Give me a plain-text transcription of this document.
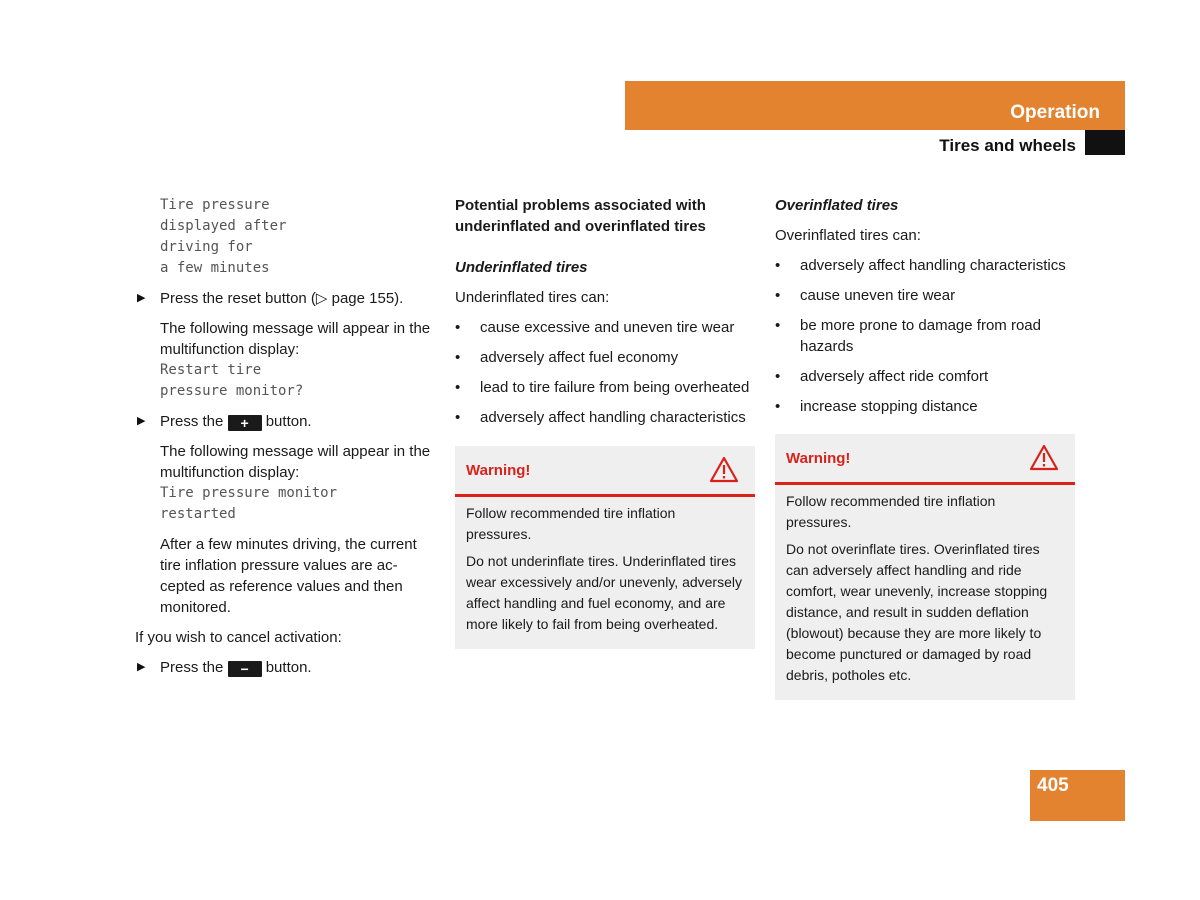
Operation
Tires and wheels

Tire pressure

displayed after

driving for

a few minutes

▶ Press the reset button (▷ page 155).
The following message will appear in the multifunction display:

Restart tire

pressure monitor?

▶ Press the + button.
The following message will appear in the multifunction display:

Tire pressure monitor

restarted

After a few minutes driving, the current tire inflation pressure values are ac-cepted as reference values and then monitored.

If you wish to cancel activation:

▶ Press the − button.

Potential problems associated with underinflated and overinflated tires

Underinflated tires

Underinflated tires can:

• cause excessive and uneven tire wear
• adversely affect fuel economy
• lead to tire failure from being overheated
• adversely affect handling characteristics
Warning!

Follow recommended tire inflation pressures.

Do not underinflate tires. Underinflated tires wear excessively and/or unevenly, adversely affect handling and fuel economy, and are more likely to fail from being overheated.

Overinflated tires

Overinflated tires can:

• adversely affect handling characteristics
• cause uneven tire wear
• be more prone to damage from road hazards
• adversely affect ride comfort
• increase stopping distance
Warning!

Follow recommended tire inflation pressures.

Do not overinflate tires. Overinflated tires can adversely affect handling and ride comfort, wear unevenly, increase stopping distance, and result in sudden deflation (blowout) because they are more likely to become punctured or damaged by road debris, potholes etc.

405
